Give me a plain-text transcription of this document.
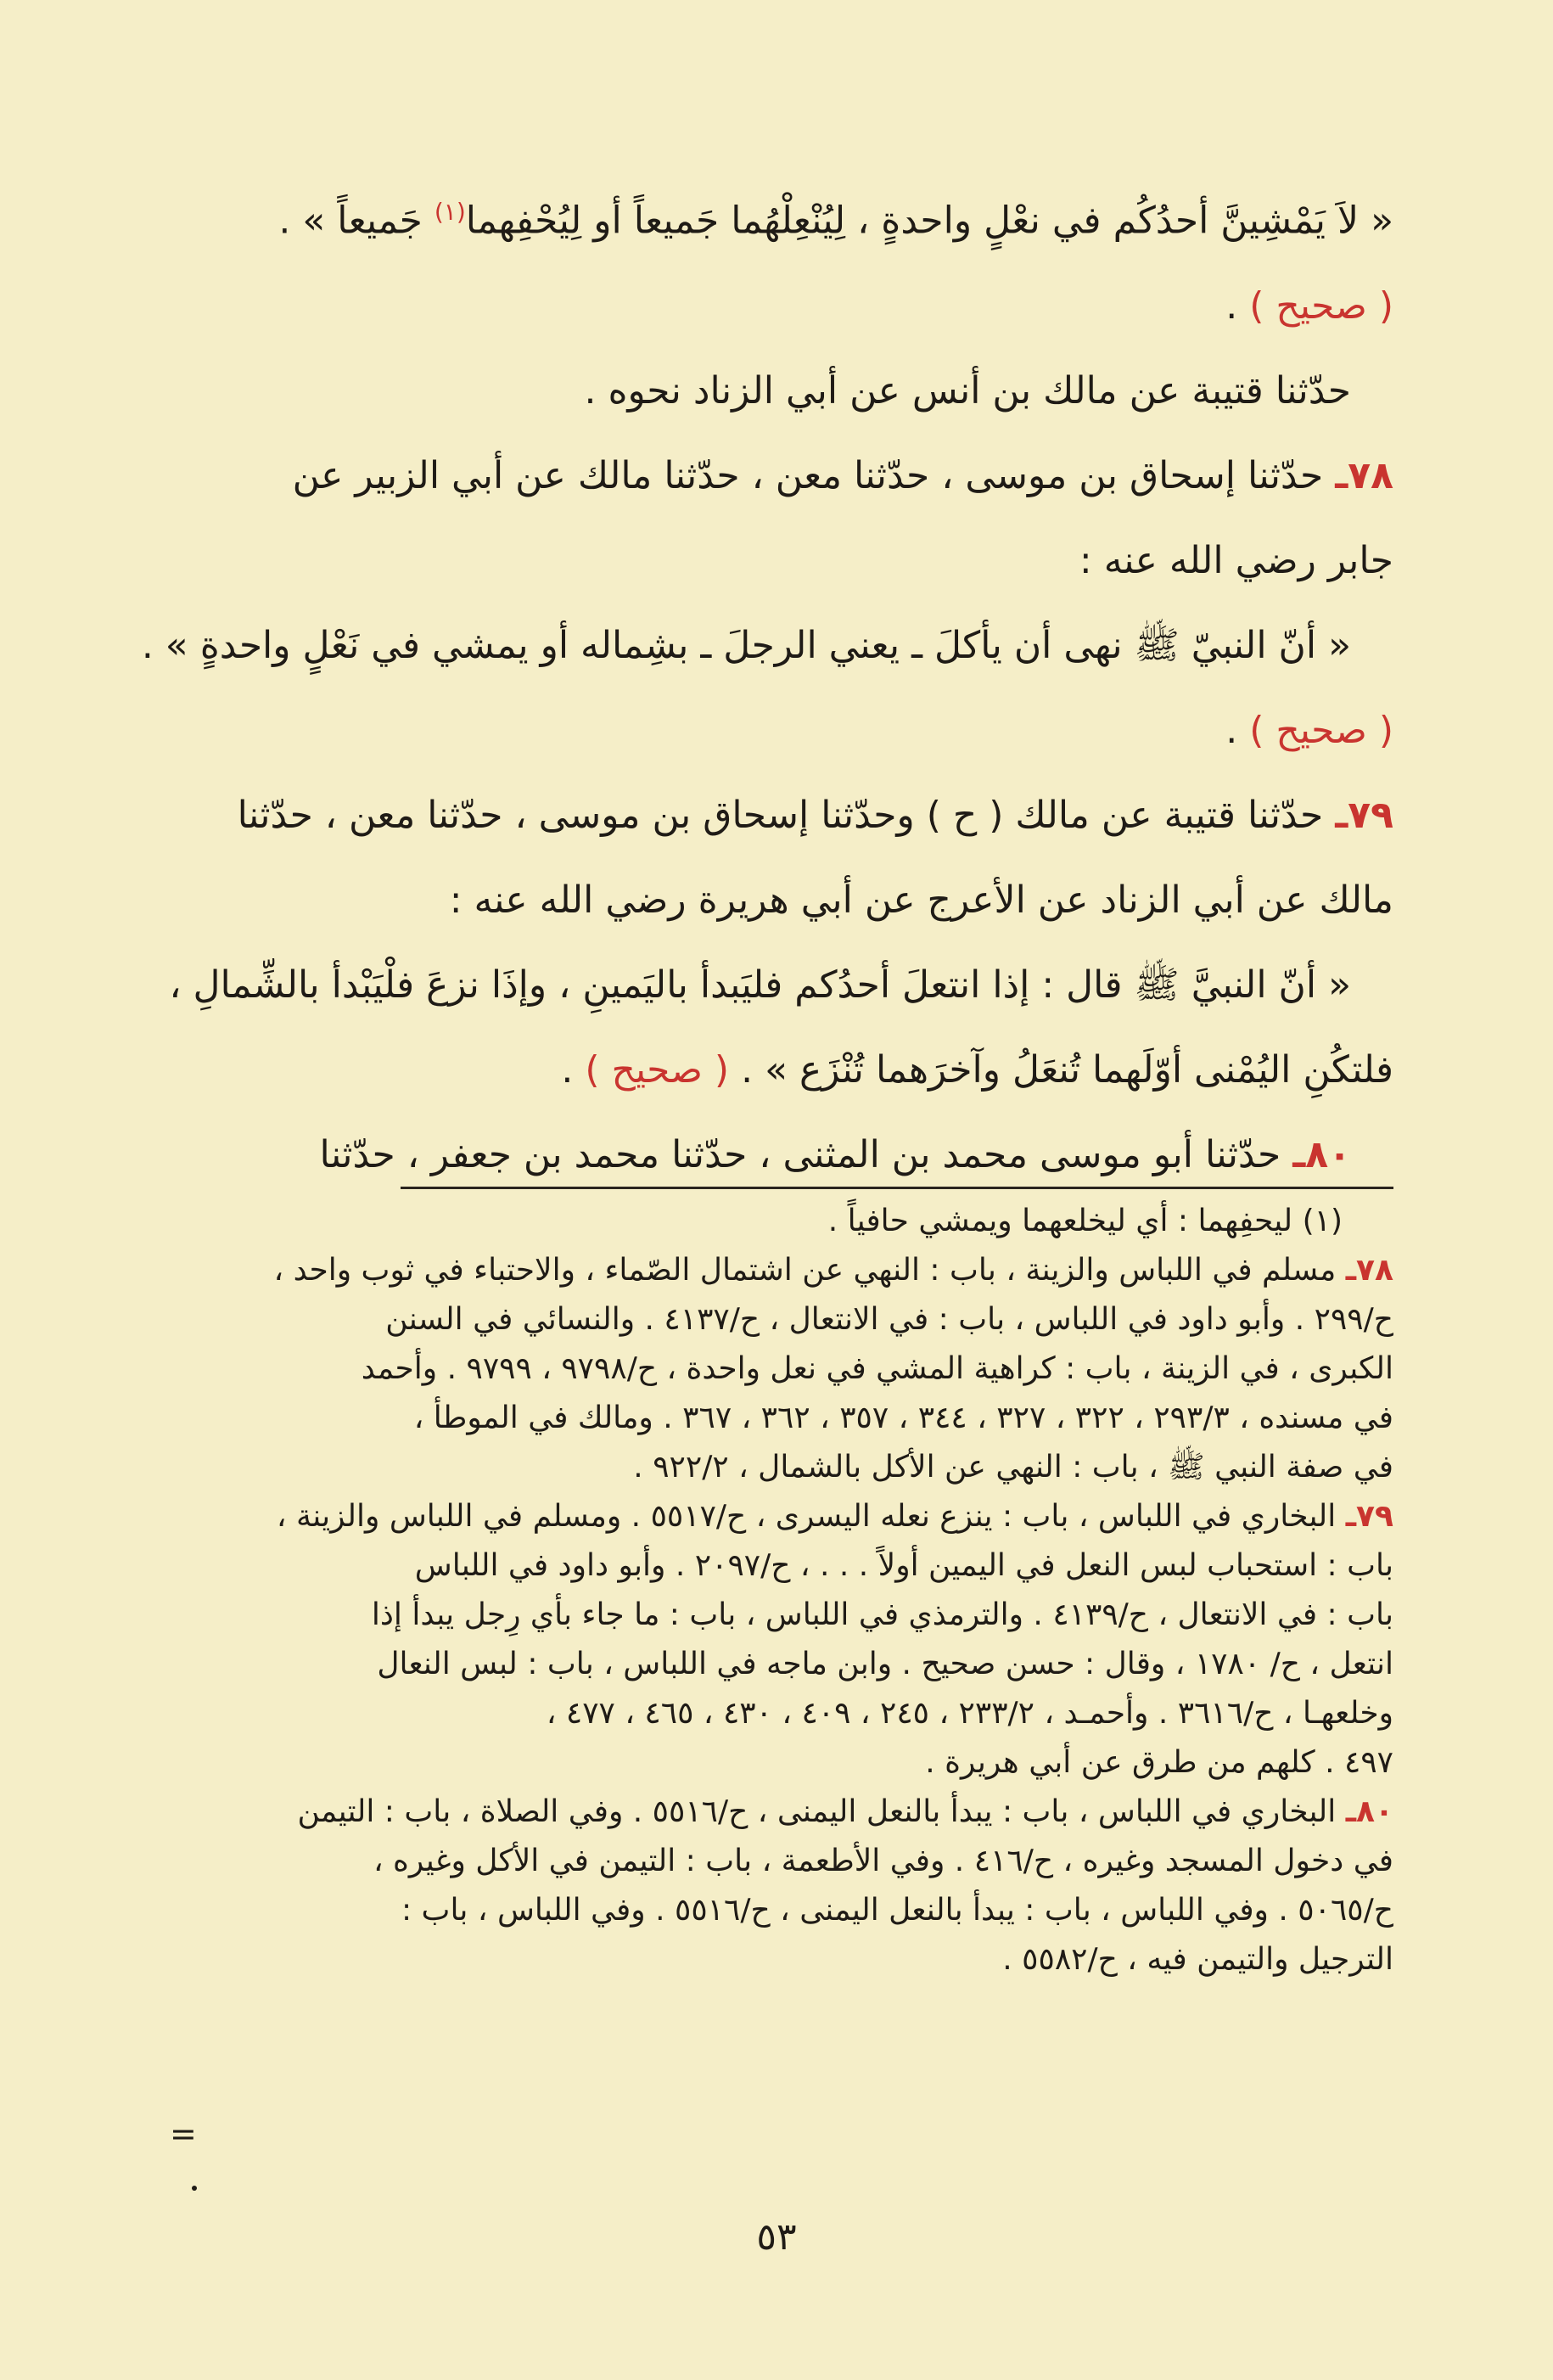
« لاَ يَمْشِينَّ أحدُكُم في نعْلٍ واحدةٍ ، لِيُنْعِلْهُما جَميعاً أو لِيُحْفِهما$^{(١)}$ جَميعاً » .
( صحيح ) .
حدّثنا قتيبة عن مالك بن أنس عن أبي الزناد نحوه .
٧٨ـ حدّثنا إسحاق بن موسى ، حدّثنا معن ، حدّثنا مالك عن أبي الزبير عن
جابر رضي الله عنه :
« أنّ النبيّ ﷺ نهى أن يأكلَ ـ يعني الرجلَ ـ بشِماله أو يمشي في نَعْلٍ واحدةٍ » .
( صحيح ) .
٧٩ـ حدّثنا قتيبة عن مالك ( ح ) وحدّثنا إسحاق بن موسى ، حدّثنا معن ، حدّثنا
مالك عن أبي الزناد عن الأعرج عن أبي هريرة رضي الله عنه :
« أنّ النبيَّ ﷺ قال : إذا انتعلَ أحدُكم فليَبدأ باليَمينِ ، وإذَا نزعَ فلْيَبْدأ بالشِّمالِ ،
فلتكُنِ اليُمْنى أوّلَهما تُنعَلُ وآخرَهما تُنْزَع » . ( صحيح ) .
٨٠ـ حدّثنا أبو موسى محمد بن المثنى ، حدّثنا محمد بن جعفر ، حدّثنا
(١) ليحفِهما : أي ليخلعهما ويمشي حافياً .
٧٨ـ مسلم في اللباس والزينة ، باب : النهي عن اشتمال الصّماء ، والاحتباء في ثوب واحد ،
ح/٢٩٩ . وأبو داود في اللباس ، باب : في الانتعال ، ح/٤١٣٧ . والنسائي في السنن
الكبرى ، في الزينة ، باب : كراهية المشي في نعل واحدة ، ح/٩٧٩٨ ، ٩٧٩٩ . وأحمد
في مسنده ، ٢٩٣/٣ ، ٣٢٢ ، ٣٢٧ ، ٣٤٤ ، ٣٥٧ ، ٣٦٢ ، ٣٦٧ . ومالك في الموطأ ،
في صفة النبي ﷺ ، باب : النهي عن الأكل بالشمال ، ٩٢٢/٢ .
٧٩ـ البخاري في اللباس ، باب : ينزع نعله اليسرى ، ح/٥٥١٧ . ومسلم في اللباس والزينة ،
باب : استحباب لبس النعل في اليمين أولاً . . . ، ح/٢٠٩٧ . وأبو داود في اللباس
باب : في الانتعال ، ح/٤١٣٩ . والترمذي في اللباس ، باب : ما جاء بأي رِجل يبدأ إذا
انتعل ، ح/ ١٧٨٠ ، وقال : حسن صحيح . وابن ماجه في اللباس ، باب : لبس النعال
وخلعهـا ، ح/٣٦١٦ . وأحمـد ، ٢٣٣/٢ ، ٢٤٥ ، ٤٠٩ ، ٤٣٠ ، ٤٦٥ ، ٤٧٧ ،
٤٩٧ . كلهم من طرق عن أبي هريرة .
٨٠ـ البخاري في اللباس ، باب : يبدأ بالنعل اليمنى ، ح/٥٥١٦ . وفي الصلاة ، باب : التيمن
في دخول المسجد وغيره ، ح/٤١٦ . وفي الأطعمة ، باب : التيمن في الأكل وغيره ،
ح/٥٠٦٥ . وفي اللباس ، باب : يبدأ بالنعل اليمنى ، ح/٥٥١٦ . وفي اللباس ، باب :
الترجيل والتيمن فيه ، ح/٥٥٨٢ .
=
٥٣
